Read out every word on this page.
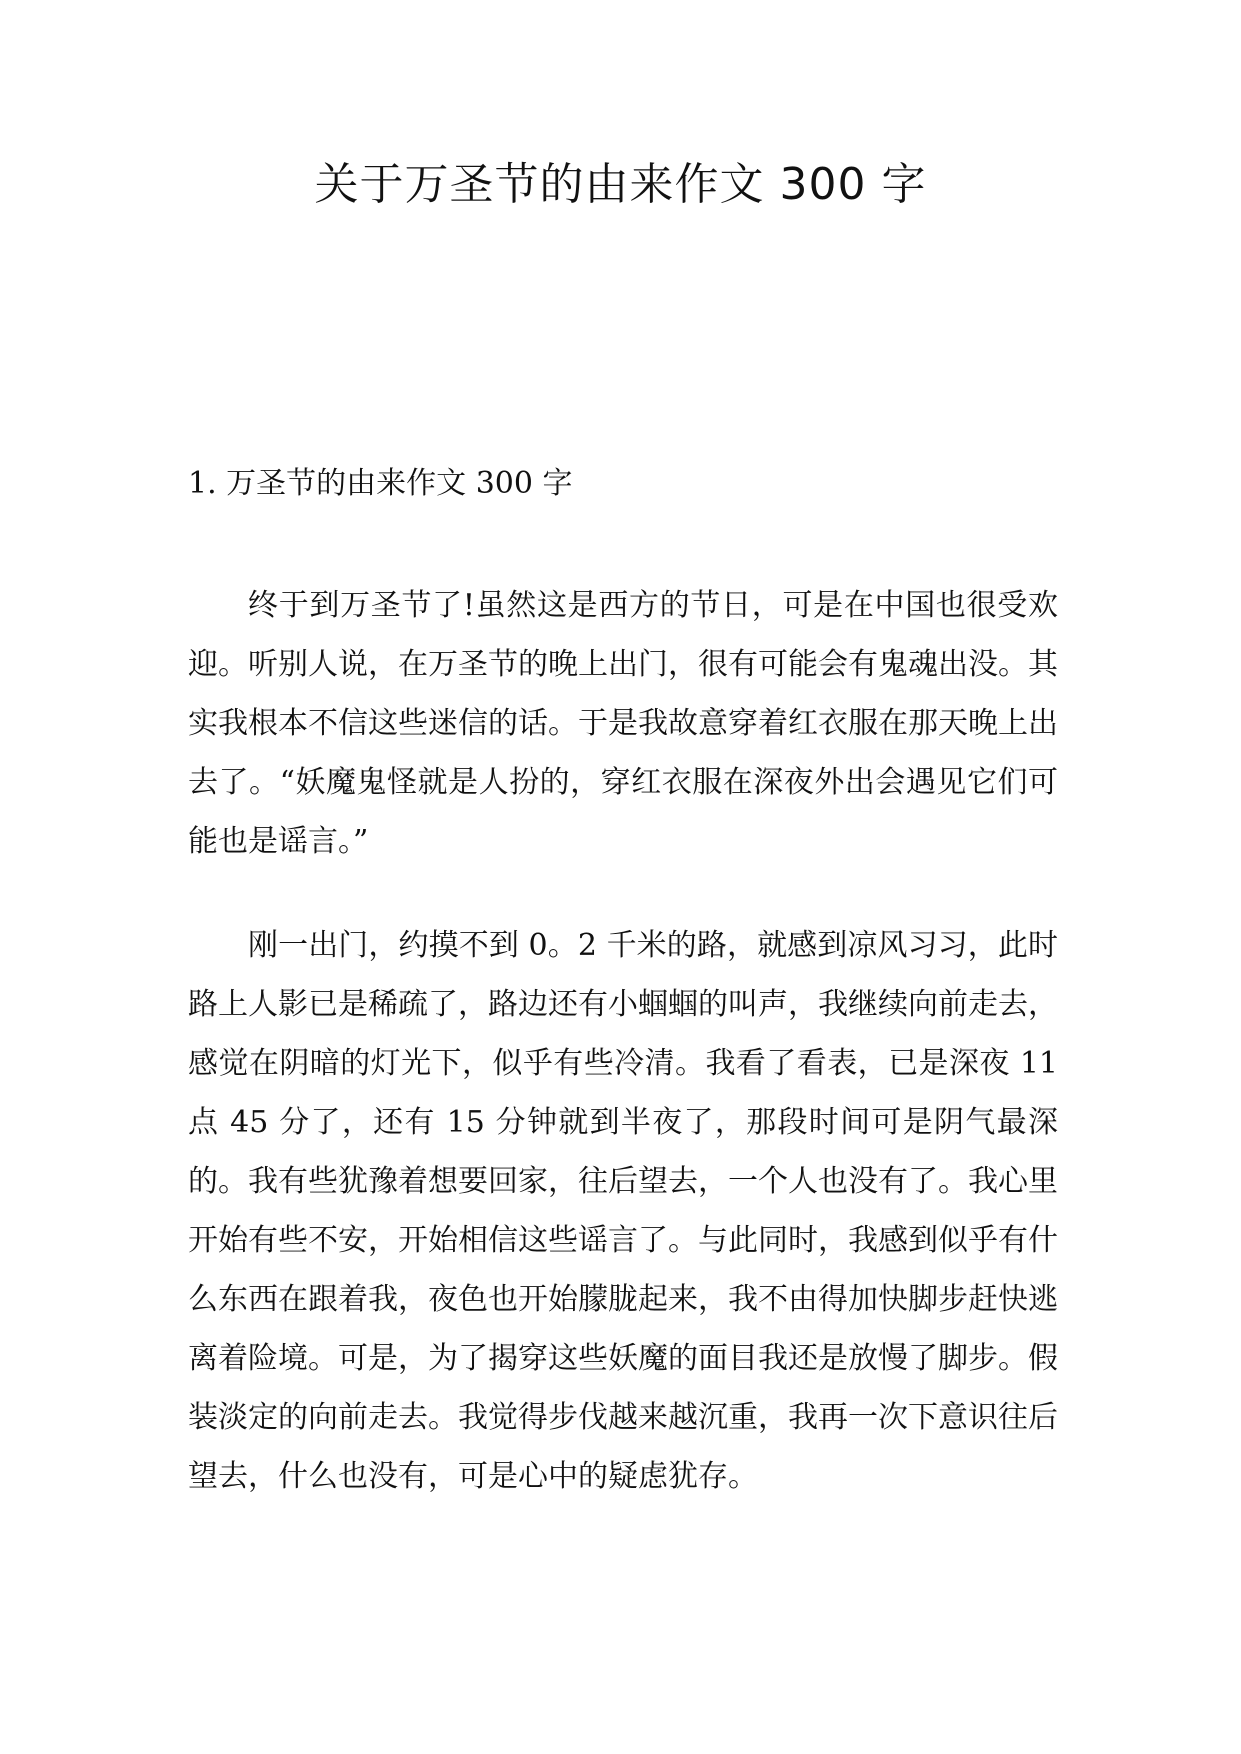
关于万圣节的由来作文 300 字
1. 万圣节的由来作文 300 字

终于到万圣节了!虽然这是西方的节日，可是在中国也很受欢迎。听别人说，在万圣节的晚上出门，很有可能会有鬼魂出没。其实我根本不信这些迷信的话。于是我故意穿着红衣服在那天晚上出去了。“妖魔鬼怪就是人扮的，穿红衣服在深夜外出会遇见它们可能也是谣言。”

刚一出门，约摸不到 0。2 千米的路，就感到凉风习习，此时路上人影已是稀疏了，路边还有小蝈蝈的叫声，我继续向前走去，感觉在阴暗的灯光下，似乎有些冷清。我看了看表，已是深夜 11 点 45 分了，还有 15 分钟就到半夜了，那段时间可是阴气最深的。我有些犹豫着想要回家，往后望去，一个人也没有了。我心里开始有些不安，开始相信这些谣言了。与此同时，我感到似乎有什么东西在跟着我，夜色也开始朦胧起来，我不由得加快脚步赶快逃离着险境。可是，为了揭穿这些妖魔的面目我还是放慢了脚步。假装淡定的向前走去。我觉得步伐越来越沉重，我再一次下意识往后望去，什么也没有，可是心中的疑虑犹存。
